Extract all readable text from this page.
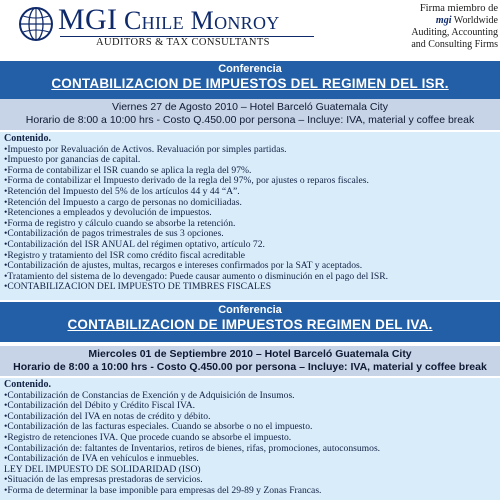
MGI Chile Monroy
AUDITORS & TAX CONSULTANTS
Firma miembro de
mgi Worldwide
Auditing, Accounting
and Consulting Firms
Conferencia
CONTABILIZACION DE IMPUESTOS DEL REGIMEN DEL ISR.
Viernes 27 de Agosto 2010 – Hotel Barceló Guatemala City
Horario de 8:00 a 10:00 hrs - Costo Q.450.00 por persona – Incluye: IVA, material y coffee break
Contenido.
• Impuesto por Revaluación de Activos. Revaluación por simples partidas.
• Impuesto por ganancias de capital.
• Forma de contabilizar el ISR cuando se aplica la regla del 97%.
• Forma de contabilizar el Impuesto derivado de la regla del 97%, por ajustes o reparos fiscales.
• Retención del Impuesto del 5% de los artículos 44 y 44 “A”.
• Retención del Impuesto a cargo de personas no domiciliadas.
• Retenciones a empleados y devolución de impuestos.
• Forma de registro y cálculo cuando se absorbe la retención.
• Contabilización de pagos trimestrales de sus 3 opciones.
• Contabilización del ISR ANUAL del régimen optativo, artículo 72.
• Registro y tratamiento del ISR como crédito fiscal acreditable
• Contabilización de ajustes, multas, recargos e intereses confirmados por la SAT y aceptados.
• Tratamiento del sistema de lo devengado: Puede causar aumento o disminución en el pago del ISR.
• CONTABILIZACION DEL IMPUESTO DE TIMBRES FISCALES
Conferencia
CONTABILIZACION DE IMPUESTOS REGIMEN DEL IVA.
Miercoles 01 de Septiembre 2010 – Hotel Barceló Guatemala City
Horario de 8:00 a 10:00 hrs - Costo Q.450.00 por persona – Incluye: IVA, material y coffee break
Contenido.
• Contabilización de Constancias de Exención y de Adquisición de Insumos.
• Contabilización del Débito y Crédito Fiscal IVA.
• Contabilización del IVA en notas de crédito y débito.
• Contabilización de las facturas especiales. Cuando se absorbe o no el impuesto.
• Registro de retenciones IVA. Que procede cuando se absorbe el impuesto.
• Contabilización de: faltantes de Inventarios, retiros de bienes, rifas, promociones, autoconsumos.
• Contabilización de IVA en vehículos e inmuebles.
LEY DEL IMPUESTO DE SOLIDARIDAD (ISO)
• Situación de las empresas prestadoras de servicios.
• Forma de determinar la base imponible para empresas del 29-89 y Zonas Francas.
